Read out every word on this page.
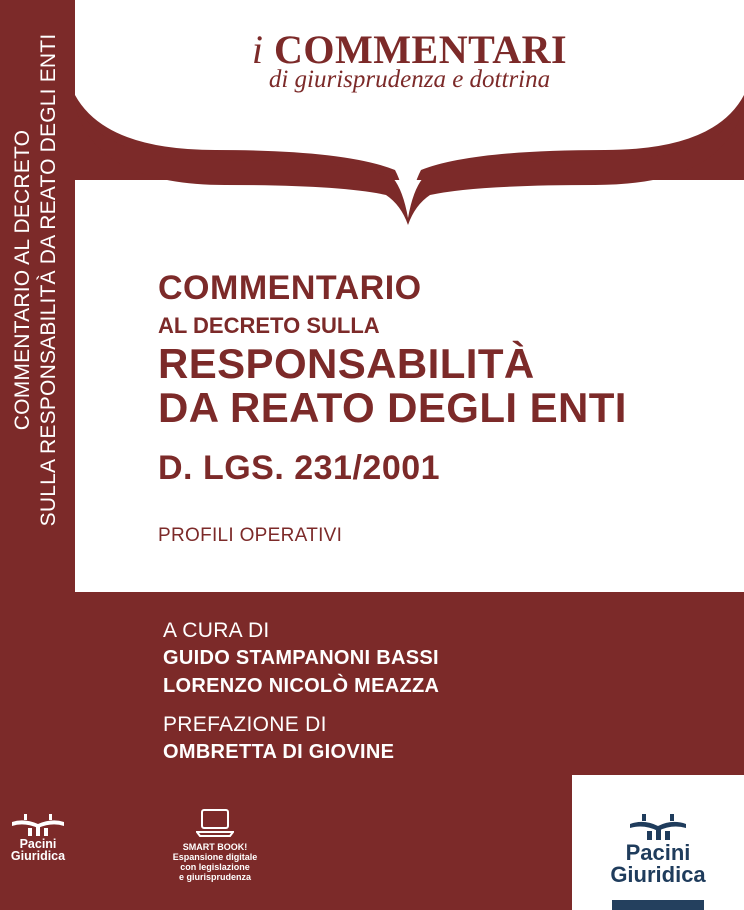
COMMENTARIO AL DECRETO SULLA RESPONSABILITÀ DA REATO DEGLI ENTI
Pacini
Giuridica
i COMMENTARI
di giurisprudenza e dottrina
COMMENTARIO
AL DECRETO SULLA
RESPONSABILITÀ
DA REATO DEGLI ENTI
D. LGS. 231/2001
PROFILI OPERATIVI
A CURA DI
GUIDO STAMPANONI BASSI
LORENZO NICOLÒ MEAZZA
PREFAZIONE DI
OMBRETTA DI GIOVINE
SMART BOOK!
Espansione digitale
con legislazione
e giurisprudenza
Pacini
Giuridica
